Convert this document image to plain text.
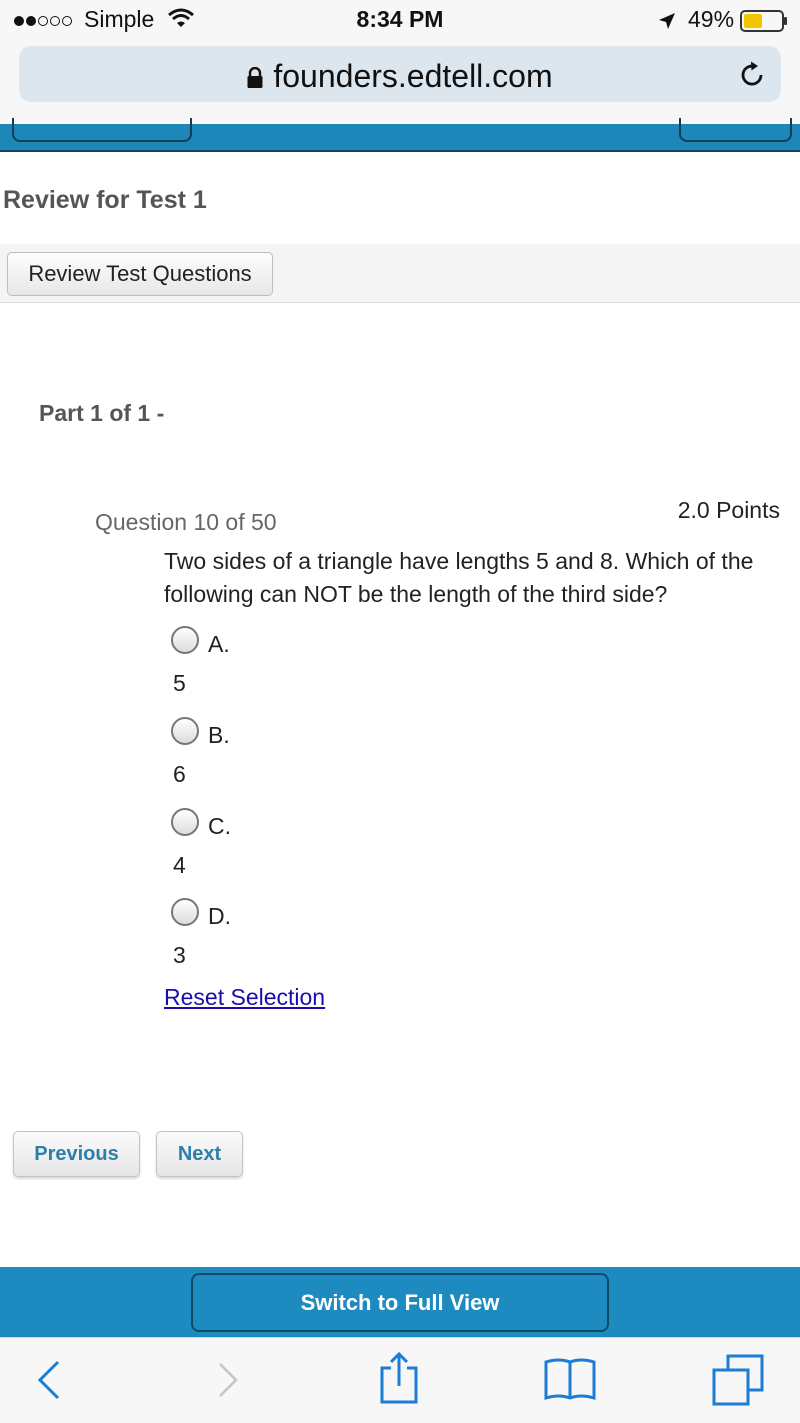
Simple	8:34 PM	49%
founders.edtell.com
Review for Test 1
Review Test Questions
Part 1 of 1 -
Question 10 of 50	2.0 Points
Two sides of a triangle have lengths 5 and 8. Which of the following can NOT be the length of the third side?
A.
5
B.
6
C.
4
D.
3
Reset Selection
Previous	Next
Switch to Full View
